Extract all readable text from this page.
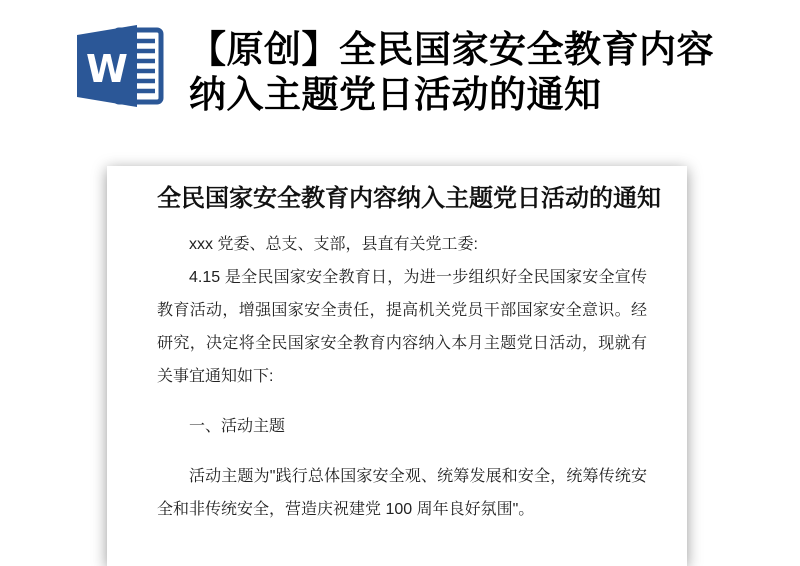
W 【原创】全民国家安全教育内容
纳入主题党日活动的通知
全民国家安全教育内容纳入主题党日活动的通知

xxx 党委、总支、支部，县直有关党工委:

4.15 是全民国家安全教育日，为进一步组织好全民国家安全宣传教育活动，增强国家安全责任，提高机关党员干部国家安全意识。经研究，决定将全民国家安全教育内容纳入本月主题党日活动，现就有关事宜通知如下:

一、活动主题

活动主题为"践行总体国家安全观、统筹发展和安全，统筹传统安全和非传统安全，营造庆祝建党 100 周年良好氛围"。
